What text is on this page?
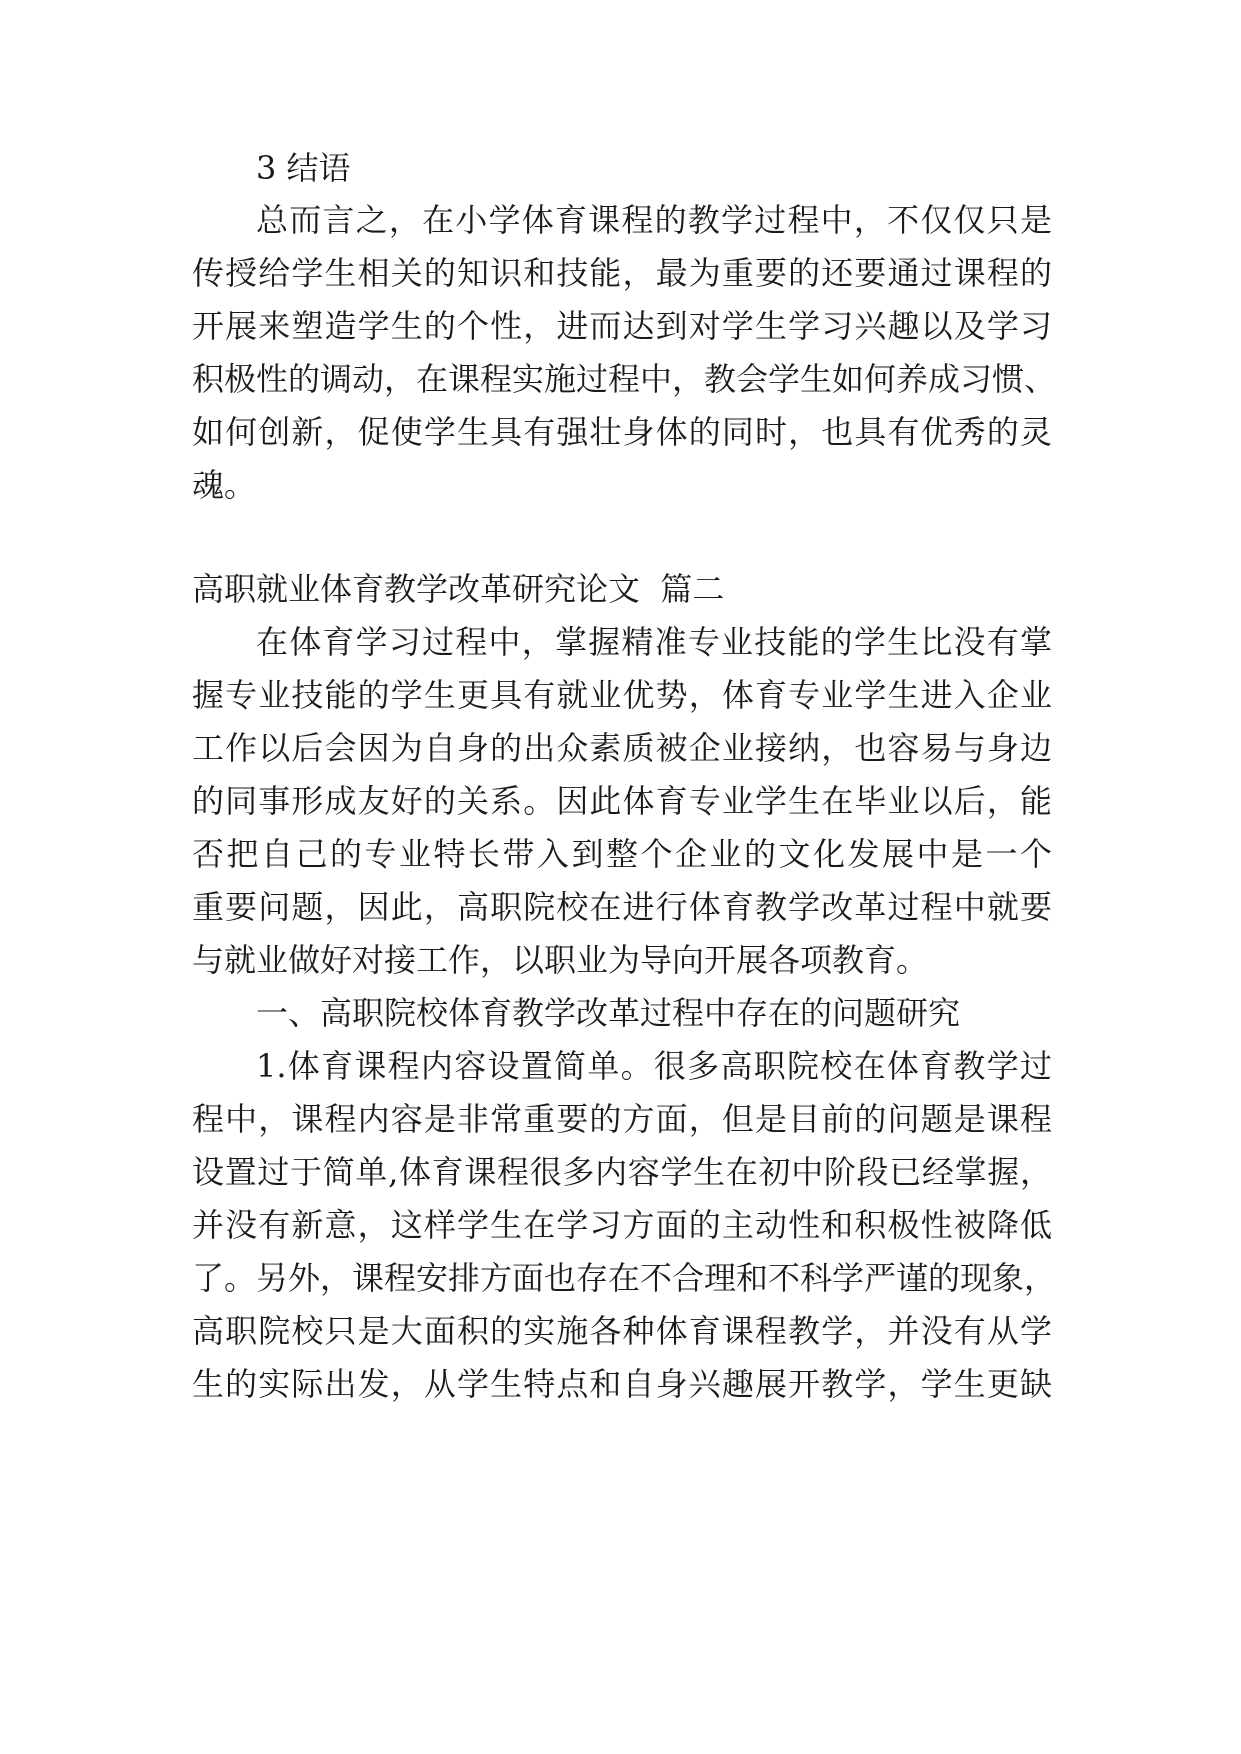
3 结语
总而言之，在小学体育课程的教学过程中，不仅仅只是
传授给学生相关的知识和技能，最为重要的还要通过课程的
开展来塑造学生的个性，进而达到对学生学习兴趣以及学习
积极性的调动，在课程实施过程中，教会学生如何养成习惯、
如何创新，促使学生具有强壮身体的同时，也具有优秀的灵
魂。
高职就业体育教学改革研究论文  篇二
在体育学习过程中，掌握精准专业技能的学生比没有掌
握专业技能的学生更具有就业优势，体育专业学生进入企业
工作以后会因为自身的出众素质被企业接纳，也容易与身边
的同事形成友好的关系。因此体育专业学生在毕业以后，能
否把自己的专业特长带入到整个企业的文化发展中是一个
重要问题，因此，高职院校在进行体育教学改革过程中就要
与就业做好对接工作，以职业为导向开展各项教育。
一、高职院校体育教学改革过程中存在的问题研究
1.体育课程内容设置简单。很多高职院校在体育教学过
程中，课程内容是非常重要的方面，但是目前的问题是课程
设置过于简单,体育课程很多内容学生在初中阶段已经掌握，
并没有新意，这样学生在学习方面的主动性和积极性被降低
了。另外，课程安排方面也存在不合理和不科学严谨的现象，
高职院校只是大面积的实施各种体育课程教学，并没有从学
生的实际出发，从学生特点和自身兴趣展开教学，学生更缺
